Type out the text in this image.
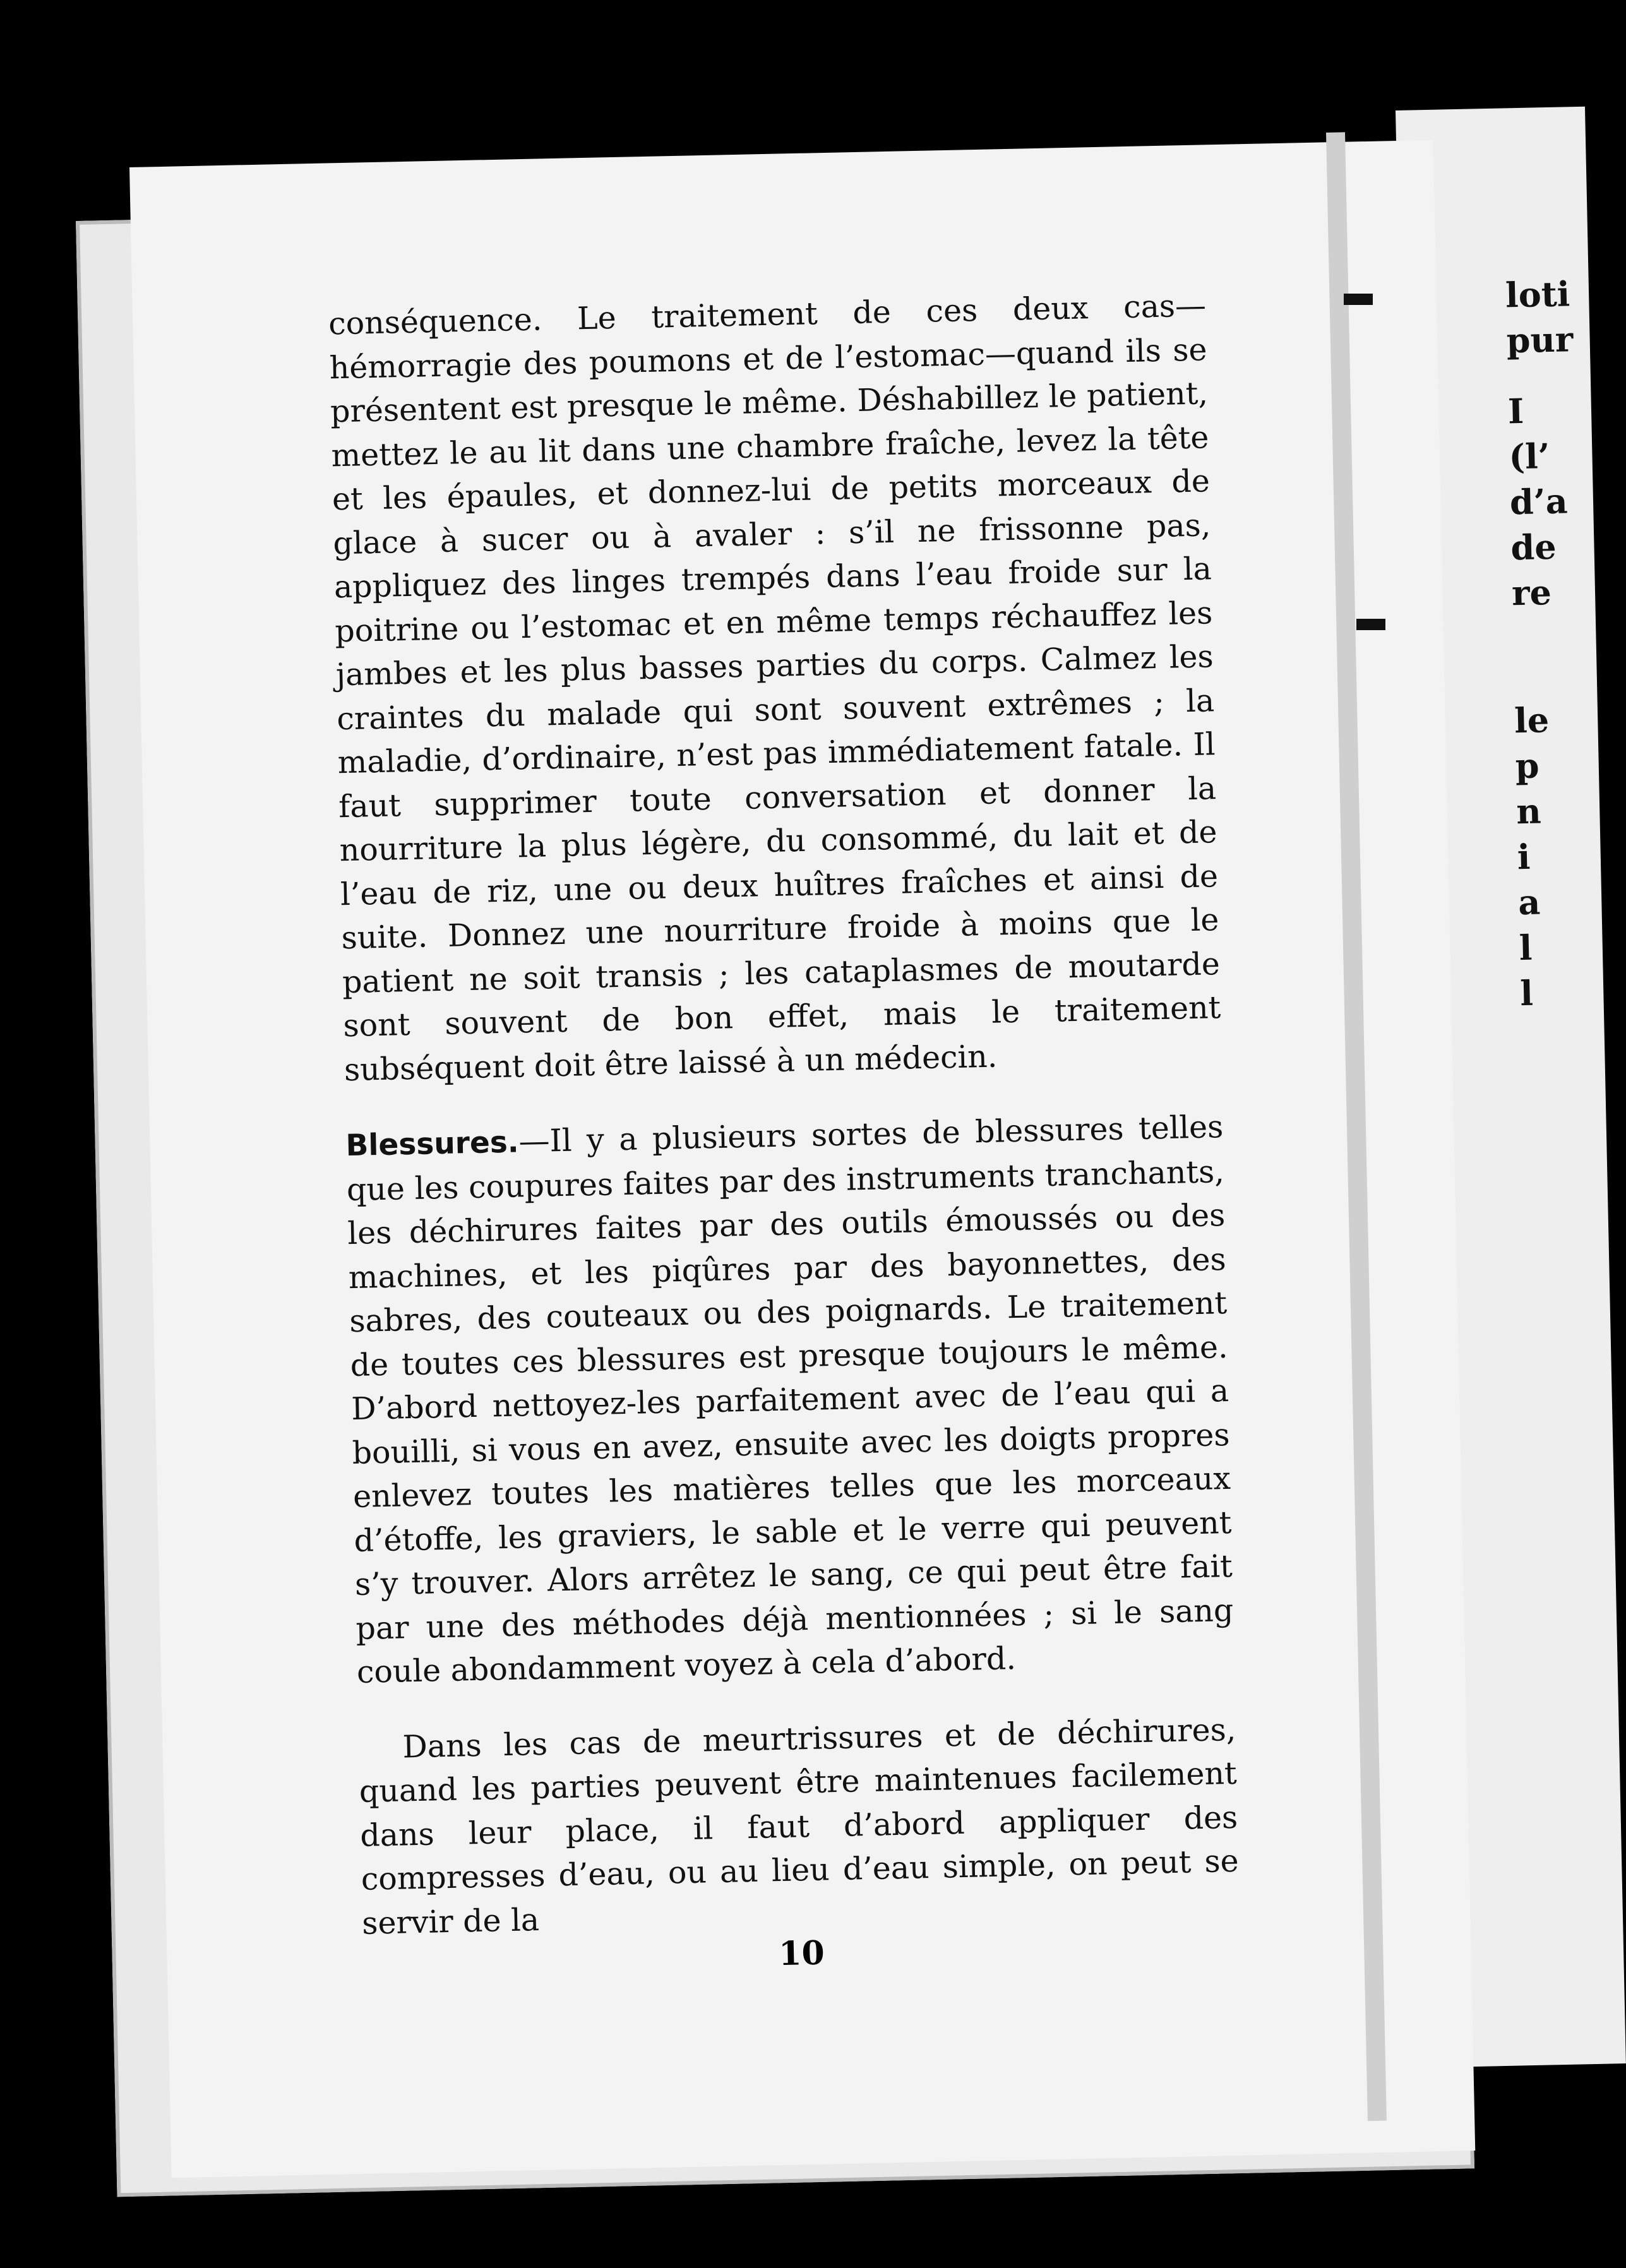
loti
pur
I
(l’
d’a
de
re
le
p
n
i
a
l
l

conséquence. Le traitement de ces deux cas—hémorragie des poumons et de l’estomac—quand ils se présentent est presque le même. Déshabillez le patient, mettez le au lit dans une chambre fraîche, levez la tête et les épaules, et donnez-lui de petits morceaux de glace à sucer ou à avaler : s’il ne frissonne pas, appliquez des linges trempés dans l’eau froide sur la poitrine ou l’estomac et en même temps réchauffez les jambes et les plus basses parties du corps. Calmez les craintes du malade qui sont souvent extrêmes ; la maladie, d’ordinaire, n’est pas immédiatement fatale. Il faut supprimer toute conversation et donner la nourriture la plus légère, du consommé, du lait et de l’eau de riz, une ou deux huîtres fraîches et ainsi de suite. Donnez une nourriture froide à moins que le patient ne soit transis ; les cataplasmes de moutarde sont souvent de bon effet, mais le traitement subséquent doit être laissé à un médecin.

Blessures.—Il y a plusieurs sortes de blessures telles que les coupures faites par des instruments tranchants, les déchirures faites par des outils émoussés ou des machines, et les piqûres par des bayonnettes, des sabres, des couteaux ou des poignards. Le traitement de toutes ces blessures est presque toujours le même. D’abord nettoyez-les parfaitement avec de l’eau qui a bouilli, si vous en avez, ensuite avec les doigts propres enlevez toutes les matières telles que les morceaux d’étoffe, les graviers, le sable et le verre qui peuvent s’y trouver. Alors arrêtez le sang, ce qui peut être fait par une des méthodes déjà mentionnées ; si le sang coule abondamment voyez à cela d’abord.

Dans les cas de meurtrissures et de déchirures, quand les parties peuvent être maintenues facilement dans leur place, il faut d’abord appliquer des compresses d’eau, ou au lieu d’eau simple, on peut se servir de la

10
